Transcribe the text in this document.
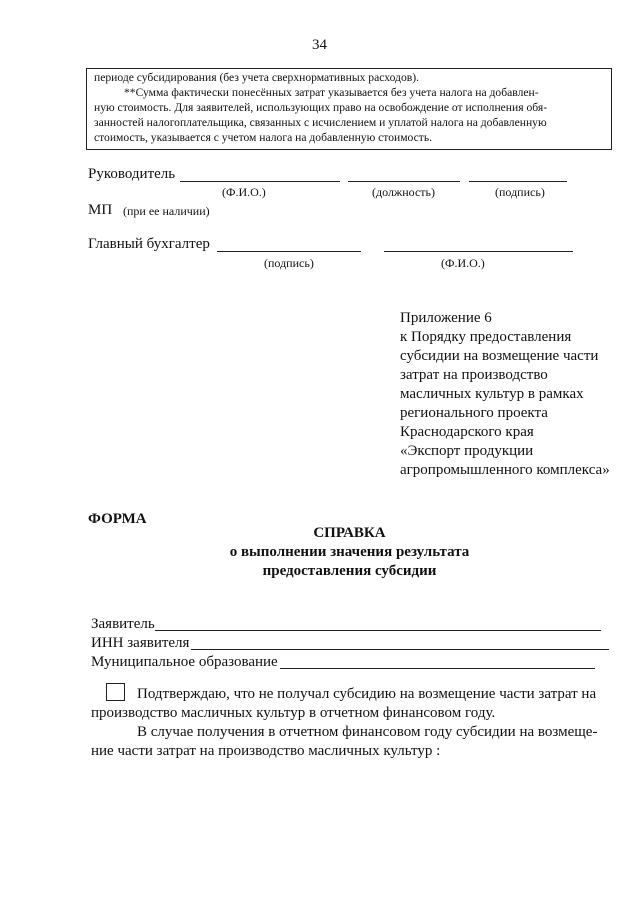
34
периоде субсидирования (без учета сверхнормативных расходов).
**Сумма фактически понесённых затрат указывается без учета налога на добавлен-
ную стоимость. Для заявителей, использующих право на освобождение от исполнения обя-
занностей налогоплательщика, связанных с исчислением и уплатой налога на добавленную
стоимость, указывается с учетом налога на добавленную стоимость.
Руководитель
(Ф.И.О.)	(должность)	(подпись)
МП (при ее наличии)
Главный бухгалтер
(подпись)	(Ф.И.О.)
Приложение 6
к Порядку предоставления
субсидии на возмещение части
затрат на производство
масличных культур в рамках
регионального проекта
Краснодарского края
«Экспорт продукции
агропромышленного комплекса»
ФОРМА
СПРАВКА
о выполнении значения результата
предоставления субсидии
Заявитель
ИНН заявителя
Муниципальное образование
Подтверждаю, что не получал субсидию на возмещение части затрат на
производство масличных культур в отчетном финансовом году.
В случае получения в отчетном финансовом году субсидии на возмеще-
ние части затрат на производство масличных культур :
